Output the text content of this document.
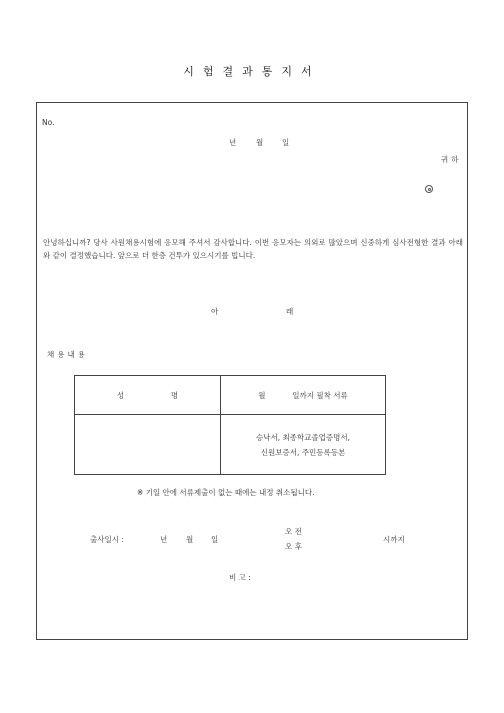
시험결과통지서
No.
년	월	일
귀하
안녕하십니까? 당사 사원채용시험에 응모해 주셔서 감사합니다. 이번 응모자는 의외로 많았으며 신중하게 심사전형한 결과 아래와 같이 결정했습니다. 앞으로 더 한층 건투가 있으시기를 빕니다.
아	래
채용내용
성 명	월 일까지 필착 서류

	승낙서, 최종학교졸업증명서,
신원보증서, 주민등록등본
※ 기일 안에 서류제출이 없는 때에는 내정 취소됩니다.
출사일시 :	년	월 일
오 전
오 후
시까지
비 고 :
